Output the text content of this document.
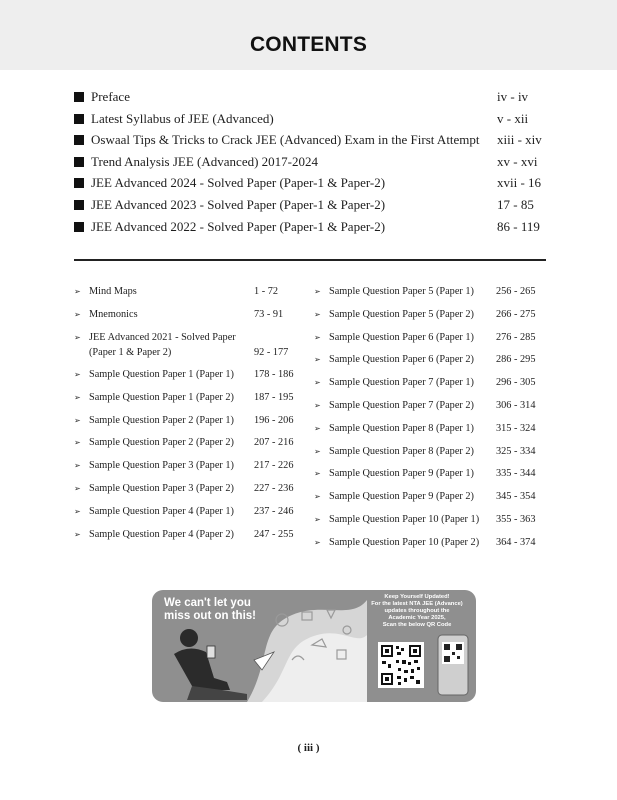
CONTENTS
Preface	iv - iv
Latest Syllabus of JEE (Advanced)	v - xii
Oswaal Tips & Tricks to Crack JEE (Advanced) Exam in the First Attempt xiii - xiv
Trend Analysis JEE (Advanced) 2017-2024	xv - xvi
JEE Advanced 2024 - Solved Paper (Paper-1 & Paper-2)	xvii - 16
JEE Advanced 2023 - Solved Paper (Paper-1 & Paper-2)	17 - 85
JEE Advanced 2022 - Solved Paper (Paper-1 & Paper-2)	86 - 119
➢ Mind Maps	1 - 72
➢ Mnemonics	73 - 91
➢ JEE Advanced 2021 - Solved Paper
(Paper 1 & Paper 2)	92 - 177
➢ Sample Question Paper 1 (Paper 1) 178 - 186
➢ Sample Question Paper 1 (Paper 2) 187 - 195
➢ Sample Question Paper 2 (Paper 1) 196 - 206
➢ Sample Question Paper 2 (Paper 2) 207 - 216
➢ Sample Question Paper 3 (Paper 1) 217 - 226
➢ Sample Question Paper 3 (Paper 2) 227 - 236
➢ Sample Question Paper 4 (Paper 1) 237 - 246
➢ Sample Question Paper 4 (Paper 2) 247 - 255
➢ Sample Question Paper 5 (Paper 1) 256 - 265
➢ Sample Question Paper 5 (Paper 2) 266 - 275
➢ Sample Question Paper 6 (Paper 1) 276 - 285
➢ Sample Question Paper 6 (Paper 2) 286 - 295
➢ Sample Question Paper 7 (Paper 1) 296 - 305
➢ Sample Question Paper 7 (Paper 2) 306 - 314
➢ Sample Question Paper 8 (Paper 1) 315 - 324
➢ Sample Question Paper 8 (Paper 2) 325 - 334
➢ Sample Question Paper 9 (Paper 1) 335 - 344
➢ Sample Question Paper 9 (Paper 2) 345 - 354
➢ Sample Question Paper 10 (Paper 1) 355 - 363
➢ Sample Question Paper 10 (Paper 2) 364 - 374
We can't let you
miss out on this!
Keep Yourself Updated!
For the latest NTA JEE (Advance)
updates throughout the
Academic Year 2025,
Scan the below QR Code
( iii )
